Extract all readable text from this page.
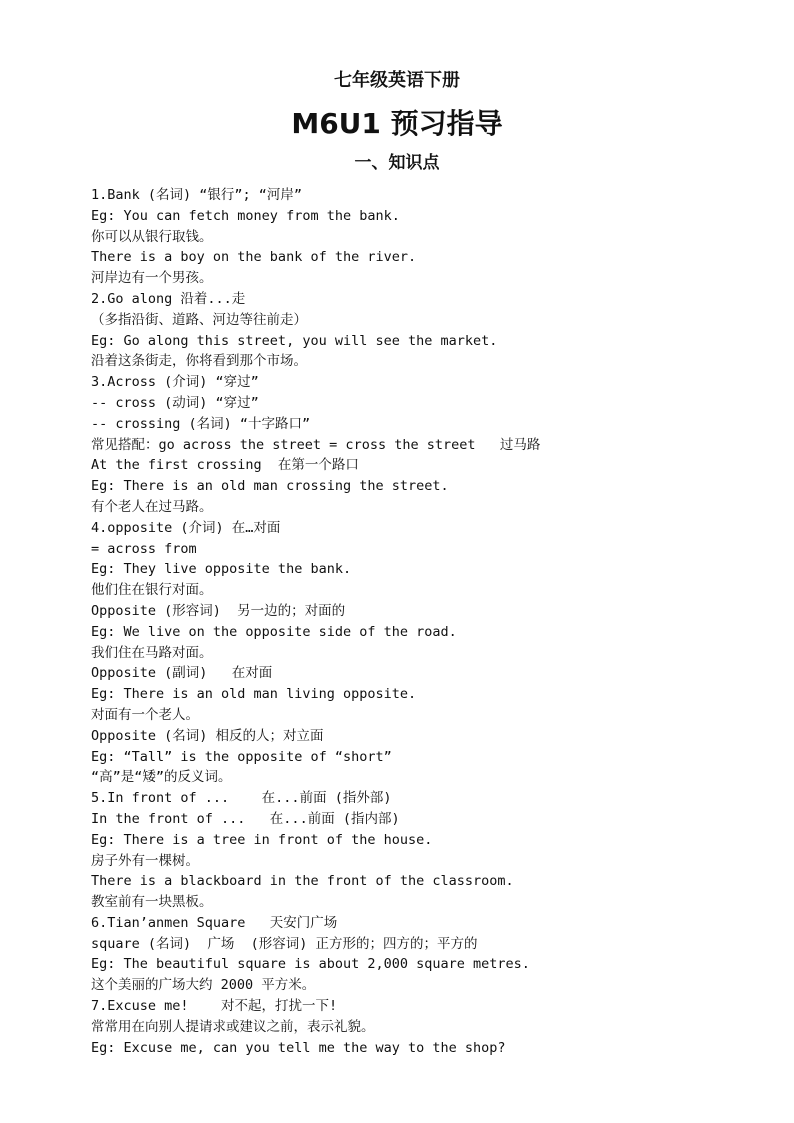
七年级英语下册
M6U1 预习指导
一、知识点
1.Bank (名词) “银行”; “河岸”
Eg: You can fetch money from the bank.
你可以从银行取钱。
There is a boy on the bank of the river.
河岸边有一个男孩。
2.Go along 沿着...走
（多指沿街、道路、河边等往前走）
Eg: Go along this street, you will see the market.
沿着这条街走，你将看到那个市场。
3.Across (介词) “穿过”
-- cross (动词) “穿过”
-- crossing (名词) “十字路口”
常见搭配：go across the street = cross the street   过马路
At the first crossing  在第一个路口
Eg: There is an old man crossing the street.
有个老人在过马路。
4.opposite (介词) 在…对面
= across from
Eg: They live opposite the bank.
他们住在银行对面。
Opposite (形容词)  另一边的；对面的
Eg: We live on the opposite side of the road.
我们住在马路对面。
Opposite (副词)   在对面
Eg: There is an old man living opposite.
对面有一个老人。
Opposite (名词) 相反的人；对立面
Eg: “Tall” is the opposite of “short”
“高”是“矮”的反义词。
5.In front of ...    在...前面 (指外部)
In the front of ...   在...前面 (指内部)
Eg: There is a tree in front of the house.
房子外有一棵树。
There is a blackboard in the front of the classroom.
教室前有一块黑板。
6.Tian’anmen Square   天安门广场
square (名词)  广场  (形容词) 正方形的；四方的；平方的
Eg: The beautiful square is about 2,000 square metres.
这个美丽的广场大约 2000 平方米。
7.Excuse me!    对不起，打扰一下!
常常用在向别人提请求或建议之前，表示礼貌。
Eg: Excuse me, can you tell me the way to the shop?
